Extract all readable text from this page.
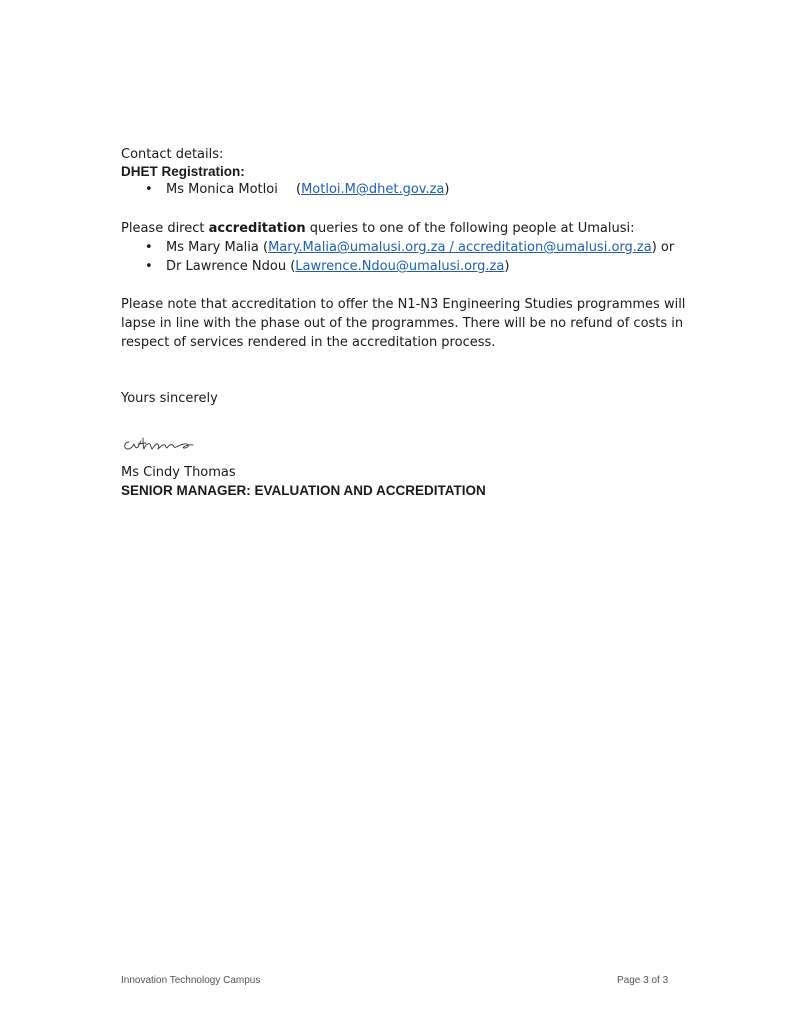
Contact details:
DHET Registration:
• Ms Monica Motloi (Motloi.M@dhet.gov.za)
Please direct accreditation queries to one of the following people at Umalusi:
• Ms Mary Malia (Mary.Malia@umalusi.org.za / accreditation@umalusi.org.za) or
• Dr Lawrence Ndou (Lawrence.Ndou@umalusi.org.za)
Please note that accreditation to offer the N1-N3 Engineering Studies programmes will
lapse in line with the phase out of the programmes. There will be no refund of costs in
respect of services rendered in the accreditation process.
Yours sincerely
Ms Cindy Thomas
SENIOR MANAGER: EVALUATION AND ACCREDITATION
Innovation Technology Campus	Page 3 of 3
